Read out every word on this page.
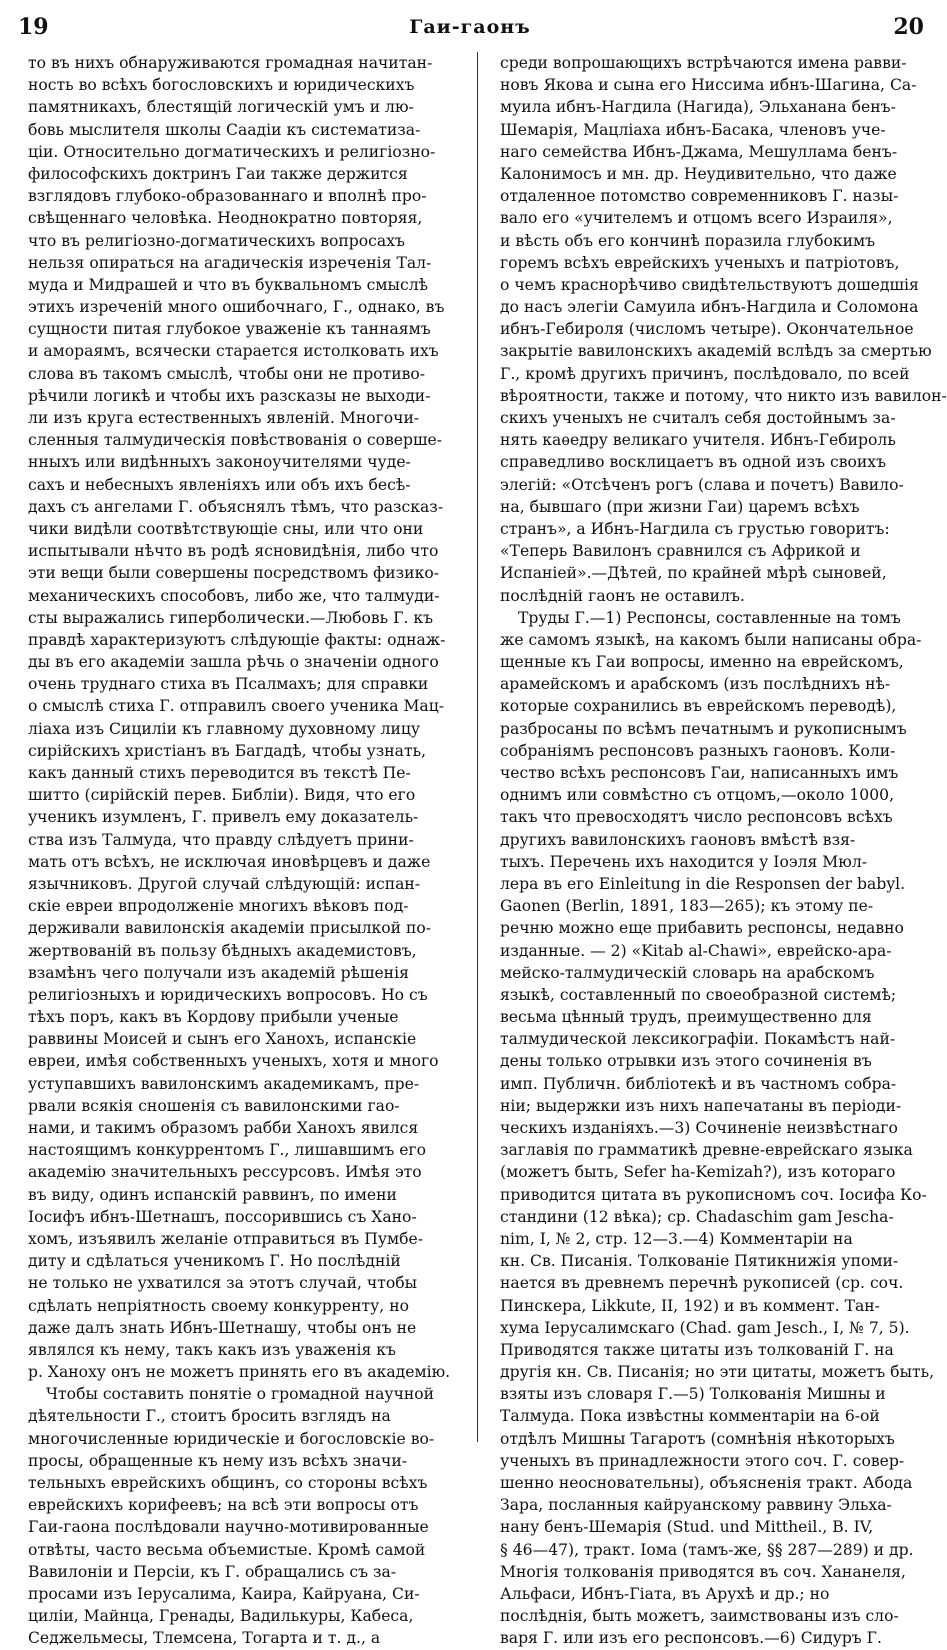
19	Гаи-гаонъ	20
то въ нихъ обнаруживаются громадная начитан-
ность во всѣхъ богословскихъ и юридическихъ
памятникахъ, блестящій логическій умъ и лю-
бовь мыслителя школы Саадіи къ систематиза-
ціи. Относительно догматическихъ и религіозно-
философскихъ доктринъ Гаи также держится
взглядовъ глубоко-образованнаго и вполнѣ про-
свѣщеннаго человѣка. Неоднократно повторяя,
что въ религіозно-догматическихъ вопросахъ
нельзя опираться на агадическія изреченія Тал-
муда и Мидрашей и что въ буквальномъ смыслѣ
этихъ изреченій много ошибочнаго, Г., однако, въ
сущности питая глубокое уваженіе къ таннаямъ
и амораямъ, всячески старается истолковать ихъ
слова въ такомъ смыслѣ, чтобы они не противо-
рѣчили логикѣ и чтобы ихъ разсказы не выходи-
ли изъ круга естественныхъ явленій. Многочи-
сленныя талмудическія повѣствованія о соверше-
нныхъ или видѣнныхъ законоучителями чуде-
сахъ и небесныхъ явленіяхъ или объ ихъ бесѣ-
дахъ съ ангелами Г. объяснялъ тѣмъ, что разсказ-
чики видѣли соотвѣтствующіе сны, или что они
испытывали нѣчто въ родѣ ясновидѣнія, либо что
эти вещи были совершены посредствомъ физико-
механическихъ способовъ, либо же, что талмуди-
сты выражались гиперболически.—Любовь Г. къ
правдѣ характеризуютъ слѣдующіе факты: однаж-
ды въ его академіи зашла рѣчь о значеніи одного
очень труднаго стиха въ Псалмахъ; для справки
о смыслѣ стиха Г. отправилъ своего ученика Мац-
ліаха изъ Сициліи къ главному духовному лицу
сирійскихъ христіанъ въ Багдадѣ, чтобы узнать,
какъ данный стихъ переводится въ текстѣ Пе-
шитто (сирійскій перев. Библіи). Видя, что его
ученикъ изумленъ, Г. привелъ ему доказатель-
ства изъ Талмуда, что правду слѣдуетъ прини-
мать отъ всѣхъ, не исключая иновѣрцевъ и даже
язычниковъ. Другой случай слѣдующій: испан-
скіе евреи впродолженіе многихъ вѣковъ под-
держивали вавилонскія академіи присылкой по-
жертвованій въ пользу бѣдныхъ академистовъ,
взамѣнъ чего получали изъ академій рѣшенія
религіозныхъ и юридическихъ вопросовъ. Но съ
тѣхъ поръ, какъ въ Кордову прибыли ученые
раввины Моисей и сынъ его Ханохъ, испанскіе
евреи, имѣя собственныхъ ученыхъ, хотя и много
уступавшихъ вавилонскимъ академикамъ, пре-
рвали всякія сношенія съ вавилонскими гао-
нами, и такимъ образомъ рабби Ханохъ явился
настоящимъ конкуррентомъ Г., лишавшимъ его
академію значительныхъ рессурсовъ. Имѣя это
въ виду, одинъ испанскій раввинъ, по имени
Іосифъ ибнъ-Шетнашъ, поссорившись съ Хано-
хомъ, изъявилъ желаніе отправиться въ Пумбе-
диту и сдѣлаться ученикомъ Г. Но послѣдній
не только не ухватился за этотъ случай, чтобы
сдѣлать непріятность своему конкурренту, но
даже далъ знать Ибнъ-Шетнашу, чтобы онъ не
являлся къ нему, такъ какъ изъ уваженія къ
р. Ханоху онъ не можетъ принять его въ академію.
Чтобы составить понятіе о громадной научной
дѣятельности Г., стоитъ бросить взглядъ на
многочисленные юридическіе и богословскіе во-
просы, обращенные къ нему изъ всѣхъ значи-
тельныхъ еврейскихъ общинъ, со стороны всѣхъ
еврейскихъ корифеевъ; на всѣ эти вопросы отъ
Гаи-гаона послѣдовали научно-мотивированные
отвѣты, часто весьма объемистые. Кромѣ самой
Вавилоніи и Персіи, къ Г. обращались съ за-
просами изъ Іерусалима, Каира, Кайруана, Си-
циліи, Майнца, Гренады, Вадилькуры, Кабеса,
Седжельмесы, Тлемсена, Тогарта и т. д., а
среди вопрошающихъ встрѣчаются имена равви-
новъ Якова и сына его Ниссима ибнъ-Шагина, Са-
муила ибнъ-Нагдила (Нагида), Эльханана бенъ-
Шемарія, Мацліаха ибнъ-Басака, членовъ уче-
наго семейства Ибнъ-Джама, Мешуллама бенъ-
Калонимосъ и мн. др. Неудивительно, что даже
отдаленное потомство современниковъ Г. назы-
вало его «учителемъ и отцомъ всего Израиля»,
и вѣсть объ его кончинѣ поразила глубокимъ
горемъ всѣхъ еврейскихъ ученыхъ и патріотовъ,
о чемъ краснорѣчиво свидѣтельствуютъ дошедшія
до насъ элегіи Самуила ибнъ-Нагдила и Соломона
ибнъ-Гебироля (числомъ четыре). Окончательное
закрытіе вавилонскихъ академій вслѣдъ за смертью
Г., кромѣ другихъ причинъ, послѣдовало, по всей
вѣроятности, также и потому, что никто изъ вавилон-
скихъ ученыхъ не считалъ себя достойнымъ за-
нять каѳедру великаго учителя. Ибнъ-Гебироль
справедливо восклицаетъ въ одной изъ своихъ
элегій: «Отсѣченъ рогъ (слава и почетъ) Вавило-
на, бывшаго (при жизни Гаи) царемъ всѣхъ
странъ», а Ибнъ-Нагдила съ грустью говоритъ:
«Теперь Вавилонъ сравнился съ Африкой и
Испаніей».—Дѣтей, по крайней мѣрѣ сыновей,
послѣдній гаонъ не оставилъ.
Труды Г.—1) Респонсы, составленные на томъ
же самомъ языкѣ, на какомъ были написаны обра-
щенные къ Гаи вопросы, именно на еврейскомъ,
арамейскомъ и арабскомъ (изъ послѣднихъ нѣ-
которые сохранились въ еврейскомъ переводѣ),
разбросаны по всѣмъ печатнымъ и рукописнымъ
собраніямъ респонсовъ разныхъ гаоновъ. Коли-
чество всѣхъ респонсовъ Гаи, написанныхъ имъ
однимъ или совмѣстно съ отцомъ,—около 1000,
такъ что превосходятъ число респонсовъ всѣхъ
другихъ вавилонскихъ гаоновъ вмѣстѣ взя-
тыхъ. Перечень ихъ находится у Іоэля Мюл-
лера въ его Einleitung in die Responsen der babyl.
Gaonen (Berlin, 1891, 183—265); къ этому пе-
речню можно еще прибавить респонсы, недавно
изданные. — 2) «Kitab al-Chawi», еврейско-ара-
мейско-талмудическій словарь на арабскомъ
языкѣ, составленный по своеобразной системѣ;
весьма цѣнный трудъ, преимущественно для
талмудической лексикографіи. Покамѣстъ най-
дены только отрывки изъ этого сочиненія въ
имп. Публичн. библіотекѣ и въ частномъ собра-
ніи; выдержки изъ нихъ напечатаны въ періоди-
ческихъ изданіяхъ.—3) Сочиненіе неизвѣстнаго
заглавія по грамматикѣ древне-еврейскаго языка
(можетъ быть, Sefer ha-Kemizah?), изъ котораго
приводится цитата въ рукописномъ соч. Іосифа Ко-
стандини (12 вѣка); ср. Chadaschim gam Jescha-
nim, I, № 2, стр. 12—3.—4) Комментаріи на
кн. Св. Писанія. Толкованіе Пятикнижія упоми-
нается въ древнемъ перечнѣ рукописей (ср. соч.
Пинскера, Likkute, II, 192) и въ коммент. Тан-
хума Іерусалимскаго (Chad. gam Jesch., I, № 7, 5).
Приводятся также цитаты изъ толкованій Г. на
другія кн. Св. Писанія; но эти цитаты, можетъ быть,
взяты изъ словаря Г.—5) Толкованія Мишны и
Талмуда. Пока извѣстны комментаріи на 6-ой
отдѣлъ Мишны Тагаротъ (сомнѣнія нѣкоторыхъ
ученыхъ въ принадлежности этого соч. Г. совер-
шенно неосновательны), объясненія тракт. Абода
Зара, посланныя кайруанскому раввину Эльха-
нану бенъ-Шемарія (Stud. und Mittheil., B. IV,
§ 46—47), тракт. Іома (тамъ-же, §§ 287—289) и др.
Многія толкованія приводятся въ соч. Хананеля,
Альфаси, Ибнъ-Гіата, въ Арухѣ и др.; но
послѣднія, быть можетъ, заимствованы изъ сло-
варя Г. или изъ его респонсовъ.—6) Сидуръ Г.
